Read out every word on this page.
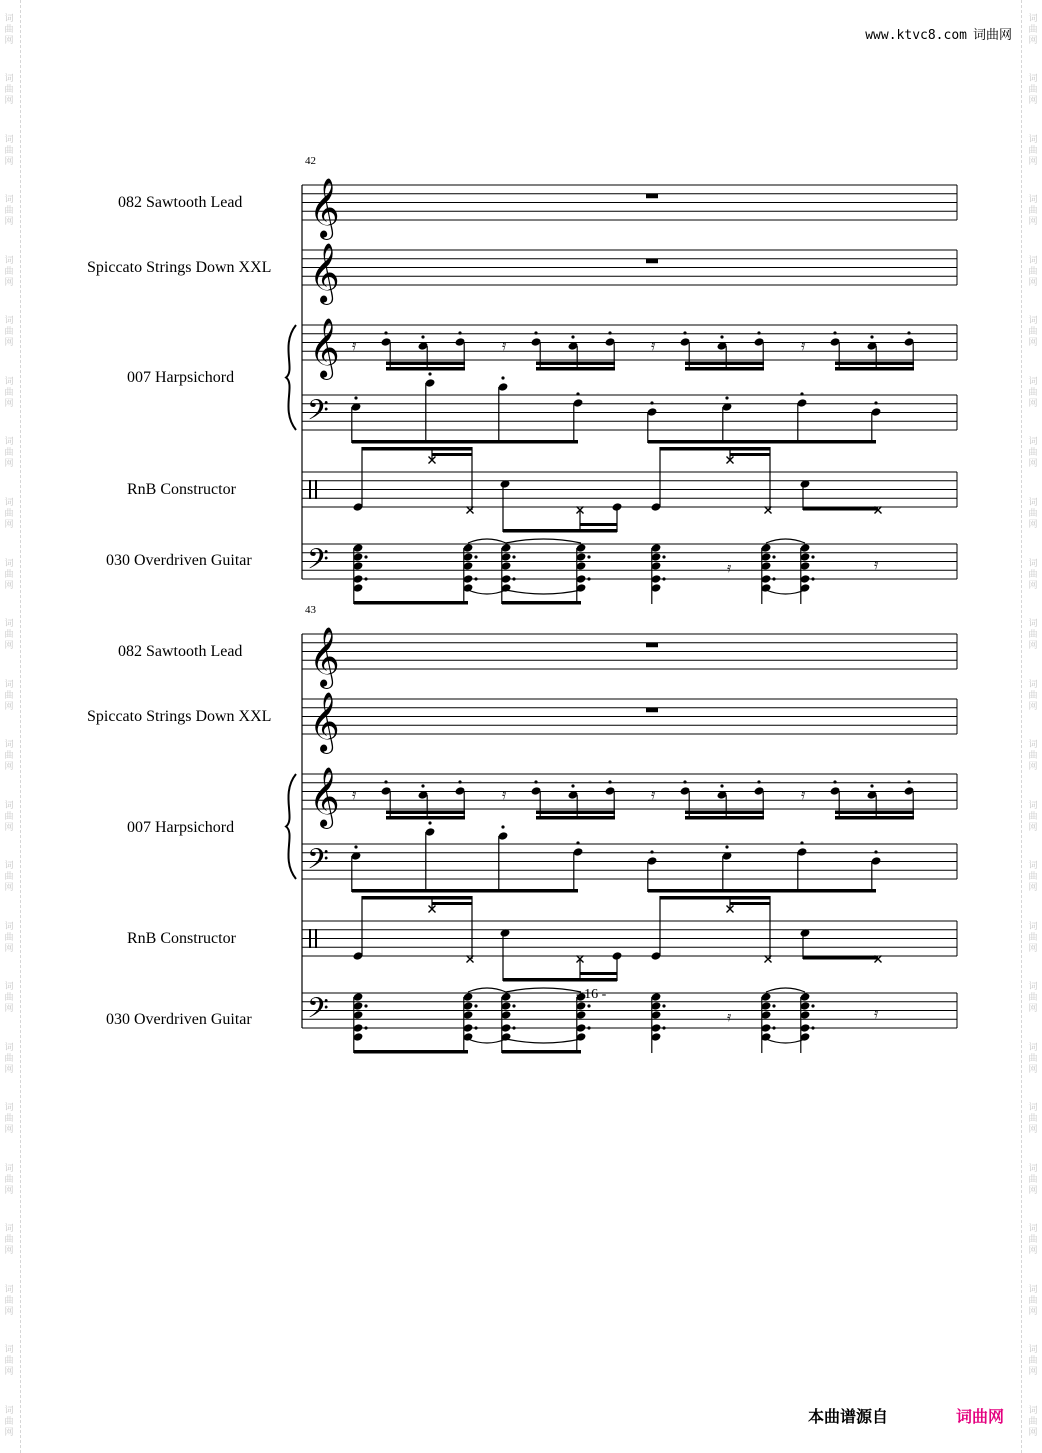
词
曲
网
词
曲
网
词
曲
网
词
曲
网
词
曲
网
词
曲
网
词
曲
网
词
曲
网
词
曲
网
词
曲
网
词
曲
网
词
曲
网
词
曲
网
词
曲
网
词
曲
网
词
曲
网
词
曲
网
词
曲
网
词
曲
网
词
曲
网
词
曲
网
词
曲
网
词
曲
网
词
曲
网
词
曲
网
词
曲
网
词
曲
网
词
曲
网
词
曲
网
词
曲
网
词
曲
网
词
曲
网
词
曲
网
词
曲
网
词
曲
网
词
曲
网
词
曲
网
词
曲
网
词
曲
网
词
曲
网
词
曲
网
词
曲
网
词
曲
网
词
曲
网
词
曲
网
词
曲
网
词
曲
网
词
曲
网
www.ktvc8.com 词曲网
42
082 Sawtooth Lead
Spiccato Strings Down XXL
007 Harpsichord
RnB Constructor
030 Overdriven Guitar
43
082 Sawtooth Lead
Spiccato Strings Down XXL
007 Harpsichord
RnB Constructor
030 Overdriven Guitar
𝄞
𝄞
𝄞
𝄢
𝄿	𝄿	𝄿	𝄿
𝄢	𝄿	𝄿
𝄞
𝄞
𝄞
𝄢
𝄿	𝄿	𝄿	𝄿
𝄢	𝄿	𝄿
- 16 -
本曲谱源自	词曲网
